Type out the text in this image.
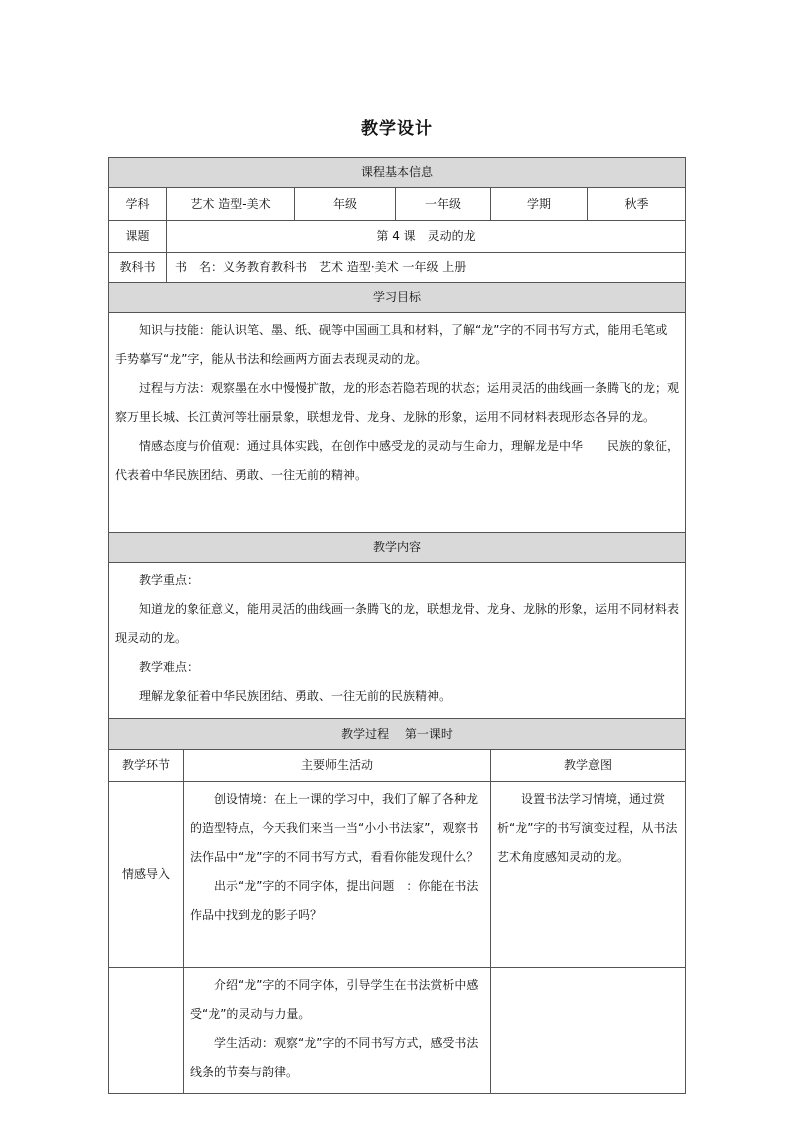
教学设计
课程基本信息						
学科	艺术 造型-美术		年级	一年级	学期	秋季
课题	第 4 课　灵动的龙					
教科书	书　名：义务教育教科书　艺术 造型·美术 一年级 上册					
学习目标						

知识与技能：能认识笔、墨、纸、砚等中国画工具和材料，了解“龙”字的不同书写方式，能用毛笔或手势摹写“龙”字，能从书法和绘画两方面去表现灵动的龙。

过程与方法：观察墨在水中慢慢扩散，龙的形态若隐若现的状态；运用灵活的曲线画一条腾飞的龙；观察万里长城、长江黄河等壮丽景象，联想龙骨、龙身、龙脉的形象，运用不同材料表现形态各异的龙。

情感态度与价值观：通过具体实践，在创作中感受龙的灵动与生命力，理解龙是中华　　民族的象征，代表着中华民族团结、勇敢、一往无前的精神。						

教学内容						

教学重点：

知道龙的象征意义，能用灵活的曲线画一条腾飞的龙，联想龙骨、龙身、龙脉的形象，运用不同材料表现灵动的龙。

教学难点：

理解龙象征着中华民族团结、勇敢、一往无前的民族精神。						

教学过程　 第一课时						
教学环节		主要师生活动			教学意图	
情感导入		创设情境：在上一课的学习中，我们了解了各种龙的造型特点，今天我们来当一当“小小书法家”，观察书法作品中“龙”字的不同书写方式，看看你能发现什么？

出示“龙”字的不同字体，提出问题　：你能在书法作品中找到龙的影子吗？			设置书法学习情境，通过赏析“龙”字的书写演变过程，从书法艺术角度感知灵动的龙。	

		介绍“龙”字的不同字体，引导学生在书法赏析中感受“龙”的灵动与力量。

学生活动：观察“龙”字的不同书写方式，感受书法线条的节奏与韵律。				
